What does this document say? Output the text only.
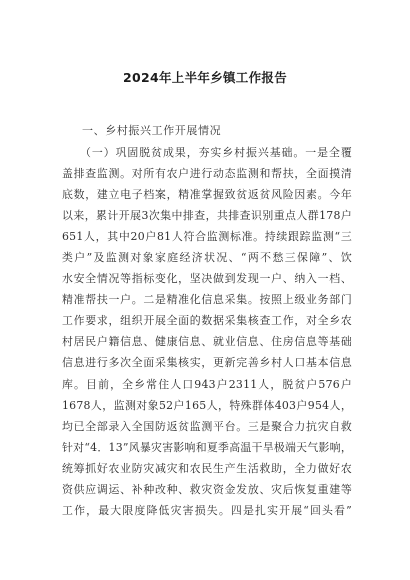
2024年上半年乡镇工作报告
一、乡村振兴工作开展情况
（一）巩固脱贫成果，夯实乡村振兴基础。一是全覆
盖排查监测。对所有农户进行动态监测和帮扶，全面摸清
底数，建立电子档案，精准掌握致贫返贫风险因素。今年
以来，累计开展3次集中排查，共排查识别重点人群178户
651人，其中20户81人符合监测标准。持续跟踪监测“三
类户”及监测对象家庭经济状况、“两不愁三保障”、饮
水安全情况等指标变化，坚决做到发现一户、纳入一档、
精准帮扶一户。二是精准化信息采集。按照上级业务部门
工作要求，组织开展全面的数据采集核查工作，对全乡农
村居民户籍信息、健康信息、就业信息、住房信息等基础
信息进行多次全面采集核实，更新完善乡村人口基本信息
库。目前，全乡常住人口943户2311人，脱贫户576户
1678人，监测对象52户165人，特殊群体403户954人，
均已全部录入全国防返贫监测平台。三是聚合力抗灾自救
针对“4．13”风暴灾害影响和夏季高温干旱极端天气影响，
统筹抓好农业防灾减灾和农民生产生活救助，全力做好农
资供应调运、补种改种、救灾资金发放、灾后恢复重建等
工作，最大限度降低灾害损失。四是扎实开展“回头看”
